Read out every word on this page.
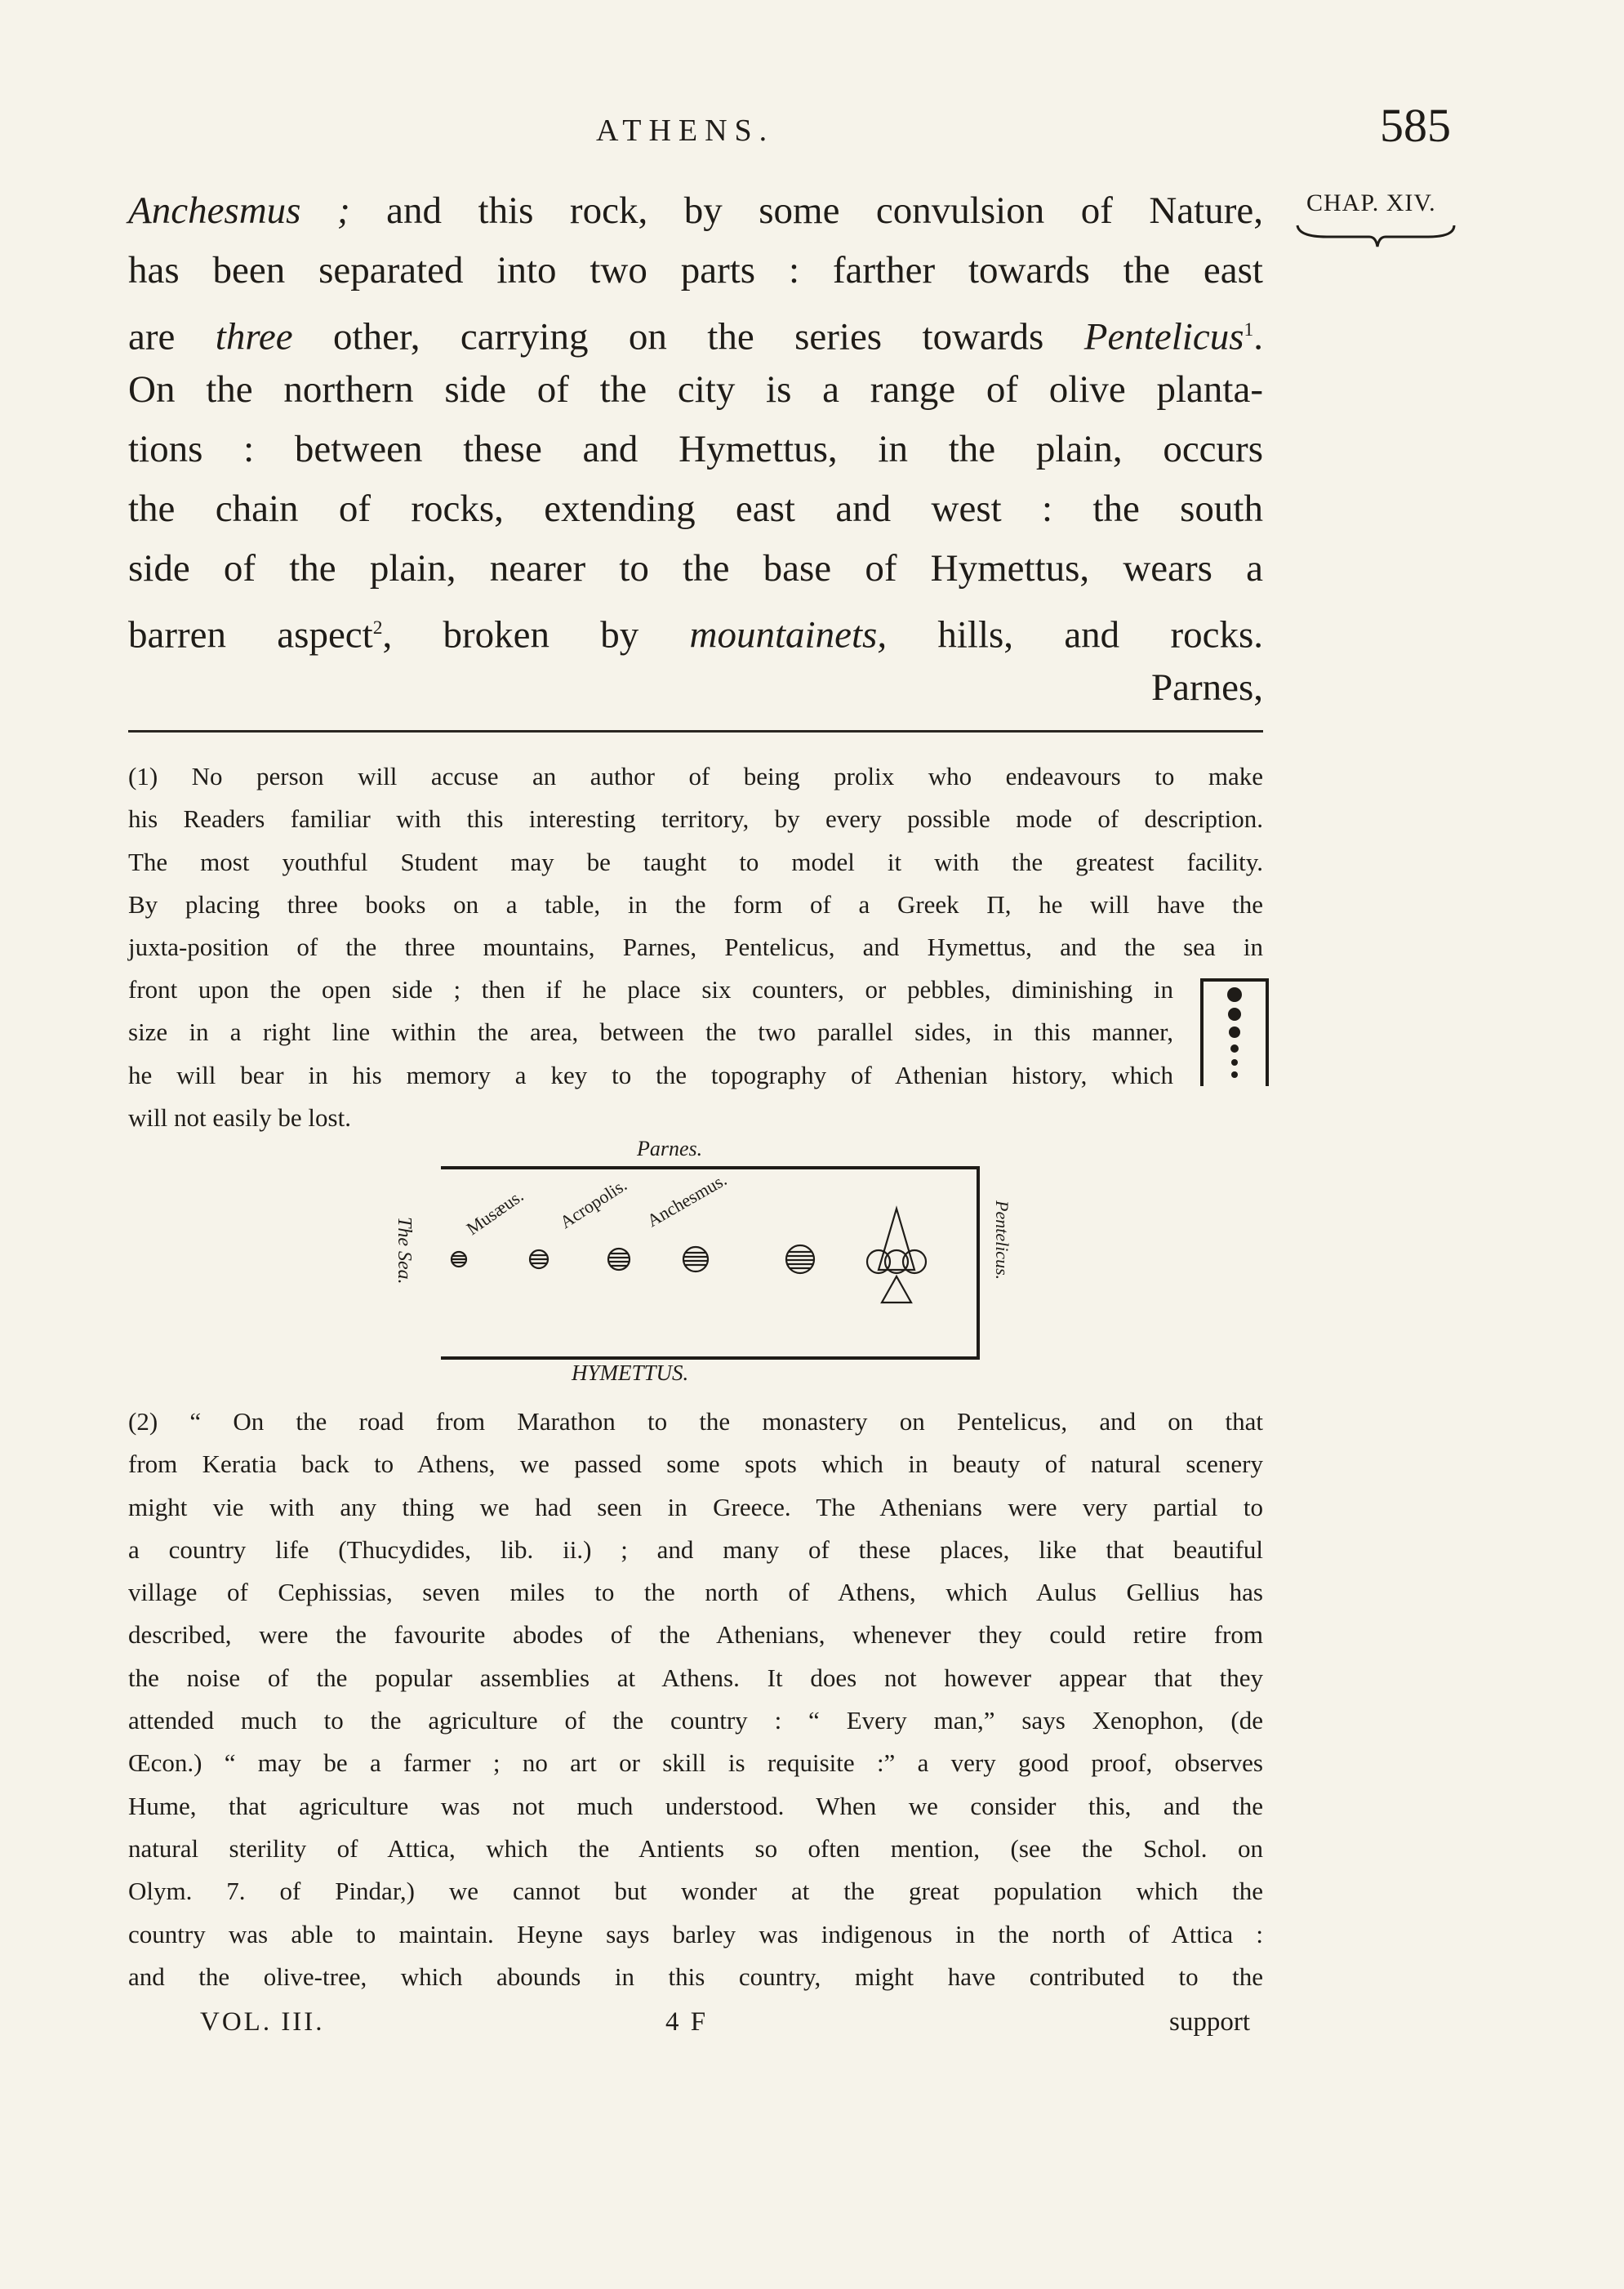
ATHENS.	585
CHAP. XIV.
Anchesmus ; and this rock, by some convulsion of Nature,
has been separated into two parts : farther towards the east
are three other, carrying on the series towards Pentelicus$^1$.
On the northern side of the city is a range of olive planta-
tions : between these and Hymettus, in the plain, occurs
the chain of rocks, extending east and west : the south
side of the plain, nearer to the base of Hymettus, wears a
barren aspect$^2$, broken by mountainets, hills, and rocks.
Parnes,
(1) No person will accuse an author of being prolix who endeavours to make
his Readers familiar with this interesting territory, by every possible mode of description.
The most youthful Student may be taught to model it with the greatest facility.
By placing three books on a table, in the form of a Greek Π, he will have the
juxta-position of the three mountains, Parnes, Pentelicus, and Hymettus, and the sea in
front upon the open side ; then if he place six counters, or pebbles, diminishing in
size in a right line within the area, between the two parallel sides, in this manner,
he will bear in his memory a key to the topography of Athenian history, which
will not easily be lost.
Parnes.
HYMETTUS.
The Sea.	Pentelicus.
Musæus. Acropolis. Anchesmus.
(2) “ On the road from Marathon to the monastery on Pentelicus, and on that
from Keratia back to Athens, we passed some spots which in beauty of natural scenery
might vie with any thing we had seen in Greece. The Athenians were very partial to
a country life (Thucydides, lib. ii.) ; and many of these places, like that beautiful
village of Cephissias, seven miles to the north of Athens, which Aulus Gellius has
described, were the favourite abodes of the Athenians, whenever they could retire from
the noise of the popular assemblies at Athens. It does not however appear that they
attended much to the agriculture of the country : “ Every man,” says Xenophon, (de
Œcon.) “ may be a farmer ; no art or skill is requisite :” a very good proof, observes
Hume, that agriculture was not much understood. When we consider this, and the
natural sterility of Attica, which the Antients so often mention, (see the Schol. on
Olym. 7. of Pindar,) we cannot but wonder at the great population which the
country was able to maintain. Heyne says barley was indigenous in the north of Attica :
and the olive-tree, which abounds in this country, might have contributed to the
VOL. III.	4 F	support
